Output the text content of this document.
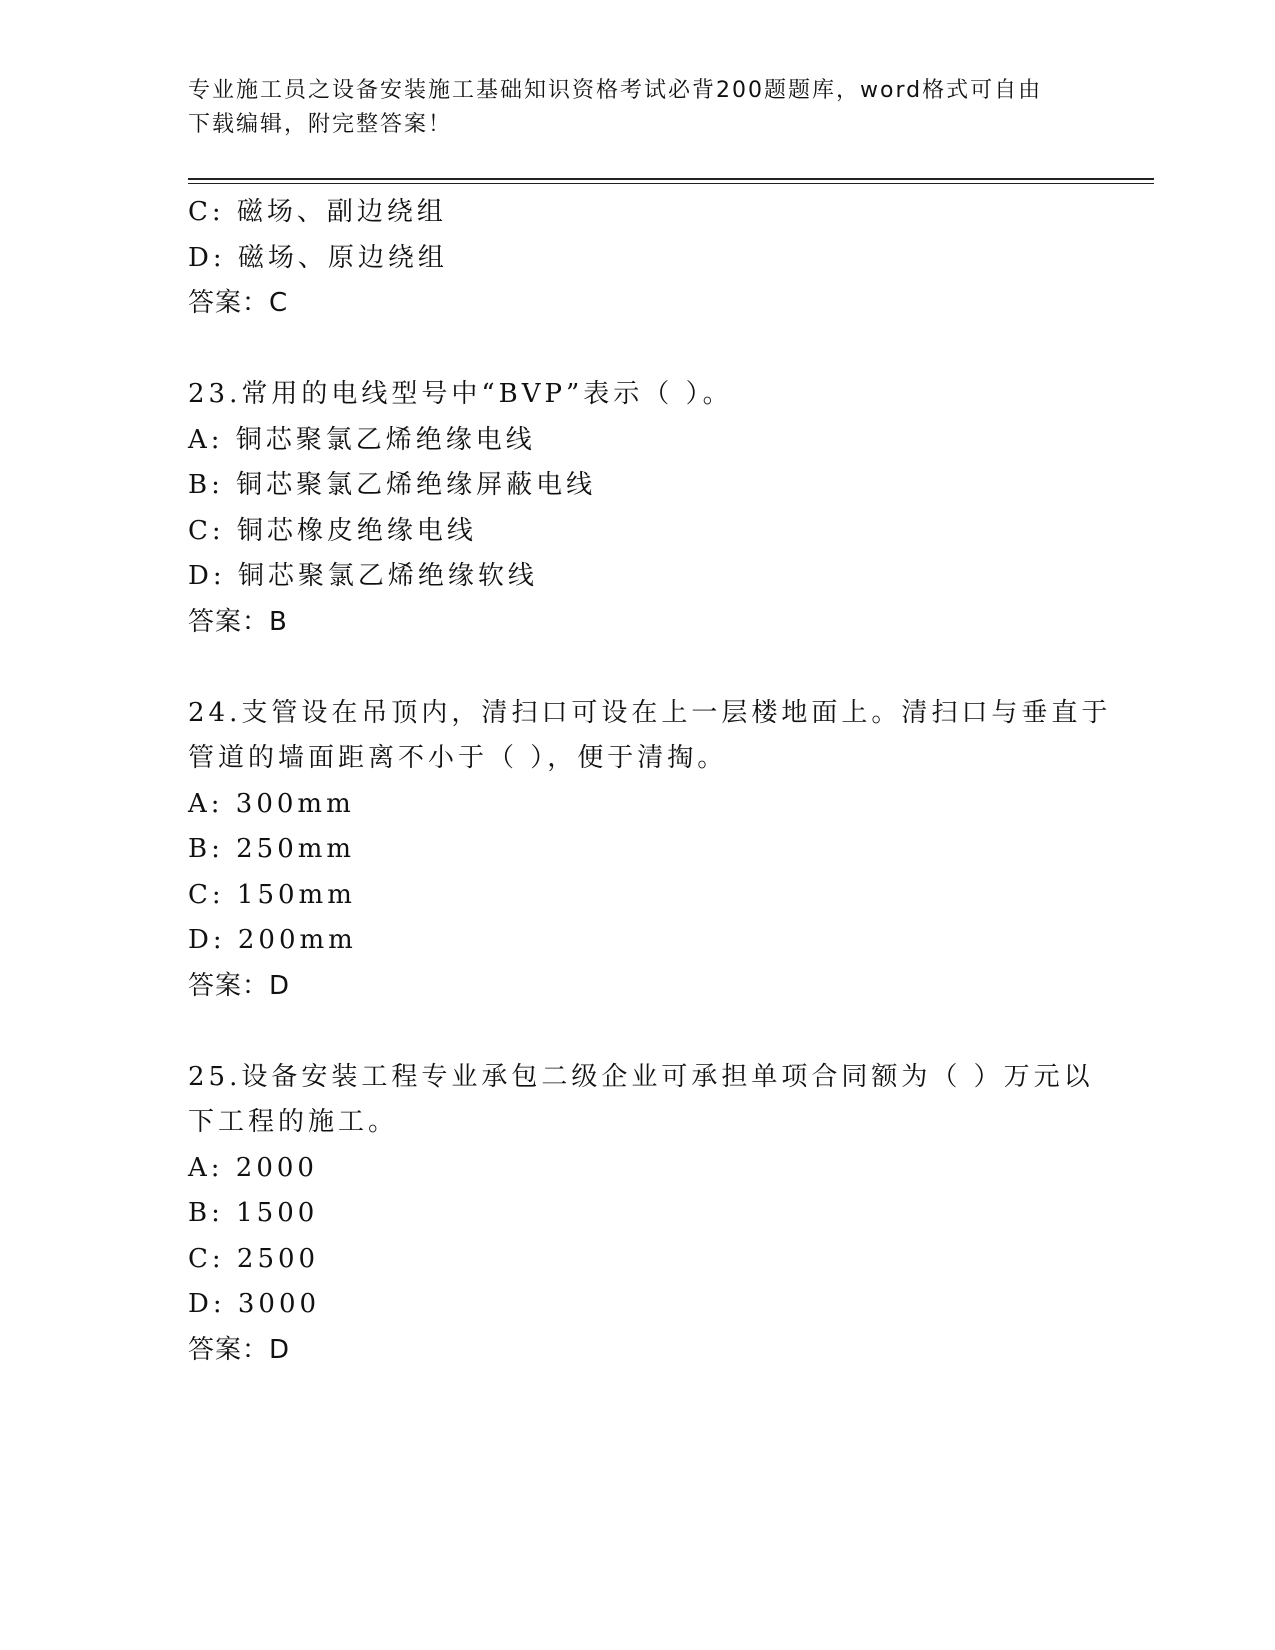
专业施工员之设备安装施工基础知识资格考试必背200题题库，word格式可自由
下载编辑，附完整答案！
C: 磁场、副边绕组
D: 磁场、原边绕组
答案：C
23.常用的电线型号中“BVP”表示（ ）。
A: 铜芯聚氯乙烯绝缘电线
B: 铜芯聚氯乙烯绝缘屏蔽电线
C: 铜芯橡皮绝缘电线
D: 铜芯聚氯乙烯绝缘软线
答案：B
24.支管设在吊顶内，清扫口可设在上一层楼地面上。清扫口与垂直于
管道的墙面距离不小于（ ），便于清掏。
A: 300mm
B: 250mm
C: 150mm
D: 200mm
答案：D
25.设备安装工程专业承包二级企业可承担单项合同额为（ ）万元以
下工程的施工。
A: 2000
B: 1500
C: 2500
D: 3000
答案：D
